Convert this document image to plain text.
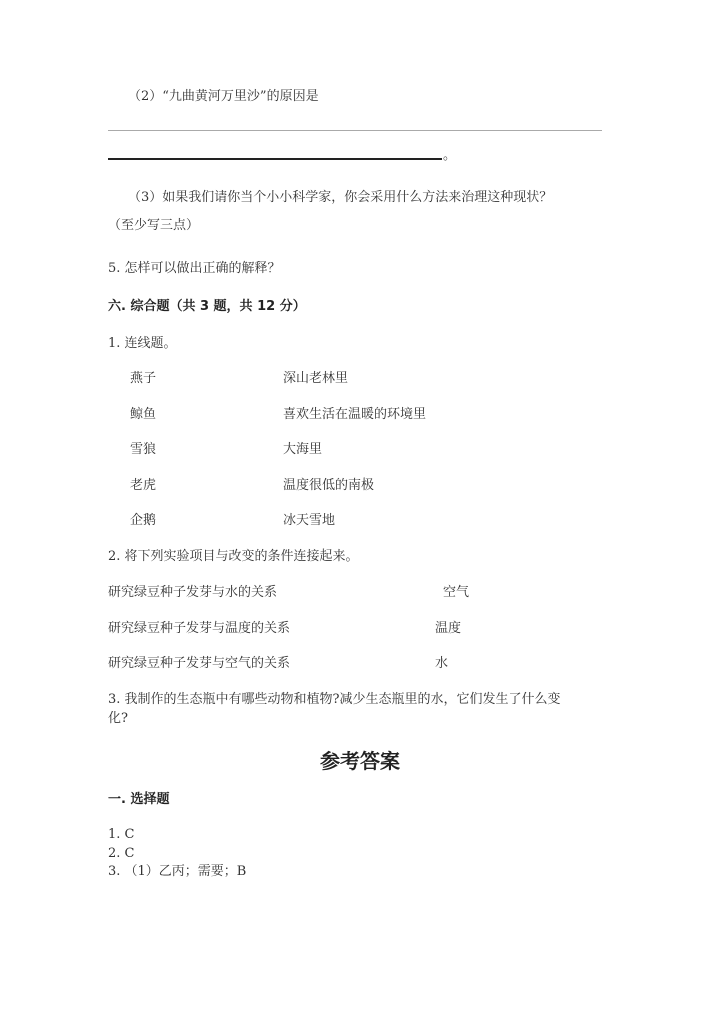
（2）“九曲黄河万里沙”的原因是
。
（3）如果我们请你当个小小科学家，你会采用什么方法来治理这种现状？
（至少写三点）
5. 怎样可以做出正确的解释？
六. 综合题（共 3 题，共 12 分）
1. 连线题。
燕子	深山老林里
鲸鱼	喜欢生活在温暖的环境里
雪狼	大海里
老虎	温度很低的南极
企鹅	冰天雪地
2. 将下列实验项目与改变的条件连接起来。
研究绿豆种子发芽与水的关系	空气
研究绿豆种子发芽与温度的关系	温度
研究绿豆种子发芽与空气的关系	水
3. 我制作的生态瓶中有哪些动物和植物?减少生态瓶里的水，它们发生了什么变
化?
参考答案
一. 选择题
1. C
2. C
3. （1）乙丙；需要；B
